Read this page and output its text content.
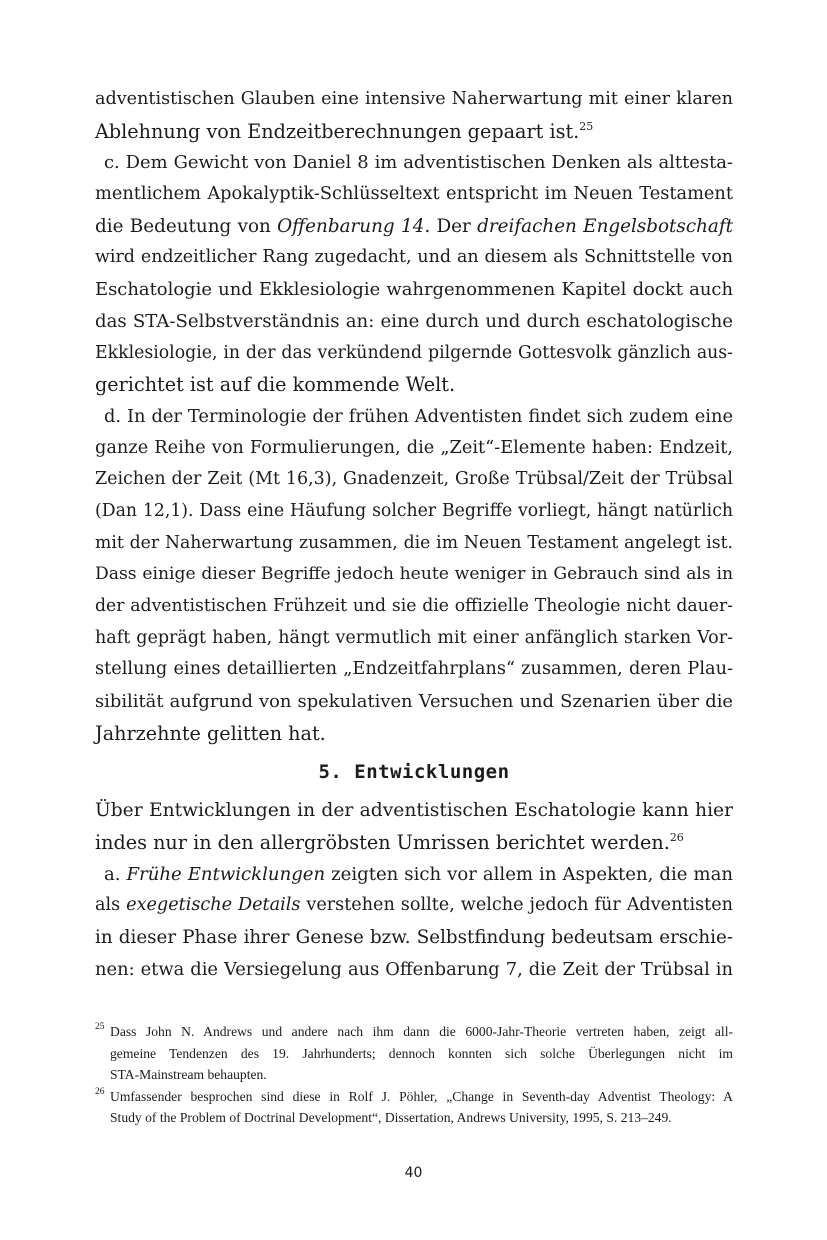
adventistischen Glauben eine intensive Naherwartung mit einer klaren
Ablehnung von Endzeitberechnungen gepaart ist.$^{25}$
c. Dem Gewicht von Daniel 8 im adventistischen Denken als alttesta-
mentlichem Apokalyptik-Schlüsseltext entspricht im Neuen Testament
die Bedeutung von Offenbarung 14. Der dreifachen Engelsbotschaft
wird endzeitlicher Rang zugedacht, und an diesem als Schnittstelle von
Eschatologie und Ekklesiologie wahrgenommenen Kapitel dockt auch
das STA-Selbstverständnis an: eine durch und durch eschatologische
Ekklesiologie, in der das verkündend pilgernde Gottesvolk gänzlich aus-
gerichtet ist auf die kommende Welt.
d. In der Terminologie der frühen Adventisten findet sich zudem eine
ganze Reihe von Formulierungen, die „Zeit“-Elemente haben: Endzeit,
Zeichen der Zeit (Mt 16,3), Gnadenzeit, Große Trübsal/Zeit der Trübsal
(Dan 12,1). Dass eine Häufung solcher Begriffe vorliegt, hängt natürlich
mit der Naherwartung zusammen, die im Neuen Testament angelegt ist.
Dass einige dieser Begriffe jedoch heute weniger in Gebrauch sind als in
der adventistischen Frühzeit und sie die offizielle Theologie nicht dauer-
haft geprägt haben, hängt vermutlich mit einer anfänglich starken Vor-
stellung eines detaillierten „Endzeitfahrplans“ zusammen, deren Plau-
sibilität aufgrund von spekulativen Versuchen und Szenarien über die
Jahrzehnte gelitten hat.
5. Entwicklungen
Über Entwicklungen in der adventistischen Eschatologie kann hier
indes nur in den allergröbsten Umrissen berichtet werden.$^{26}$
a. Frühe Entwicklungen zeigten sich vor allem in Aspekten, die man
als exegetische Details verstehen sollte, welche jedoch für Adventisten
in dieser Phase ihrer Genese bzw. Selbstfindung bedeutsam erschie-
nen: etwa die Versiegelung aus Offenbarung 7, die Zeit der Trübsal in
25 Dass John N. Andrews und andere nach ihm dann die 6000-Jahr-Theorie vertreten haben, zeigt all-
gemeine Tendenzen des 19. Jahrhunderts; dennoch konnten sich solche Überlegungen nicht im
STA-Mainstream behaupten.
26 Umfassender besprochen sind diese in Rolf J. Pöhler, „Change in Seventh-day Adventist Theology: A
Study of the Problem of Doctrinal Development“, Dissertation, Andrews University, 1995, S. 213–249.
40
